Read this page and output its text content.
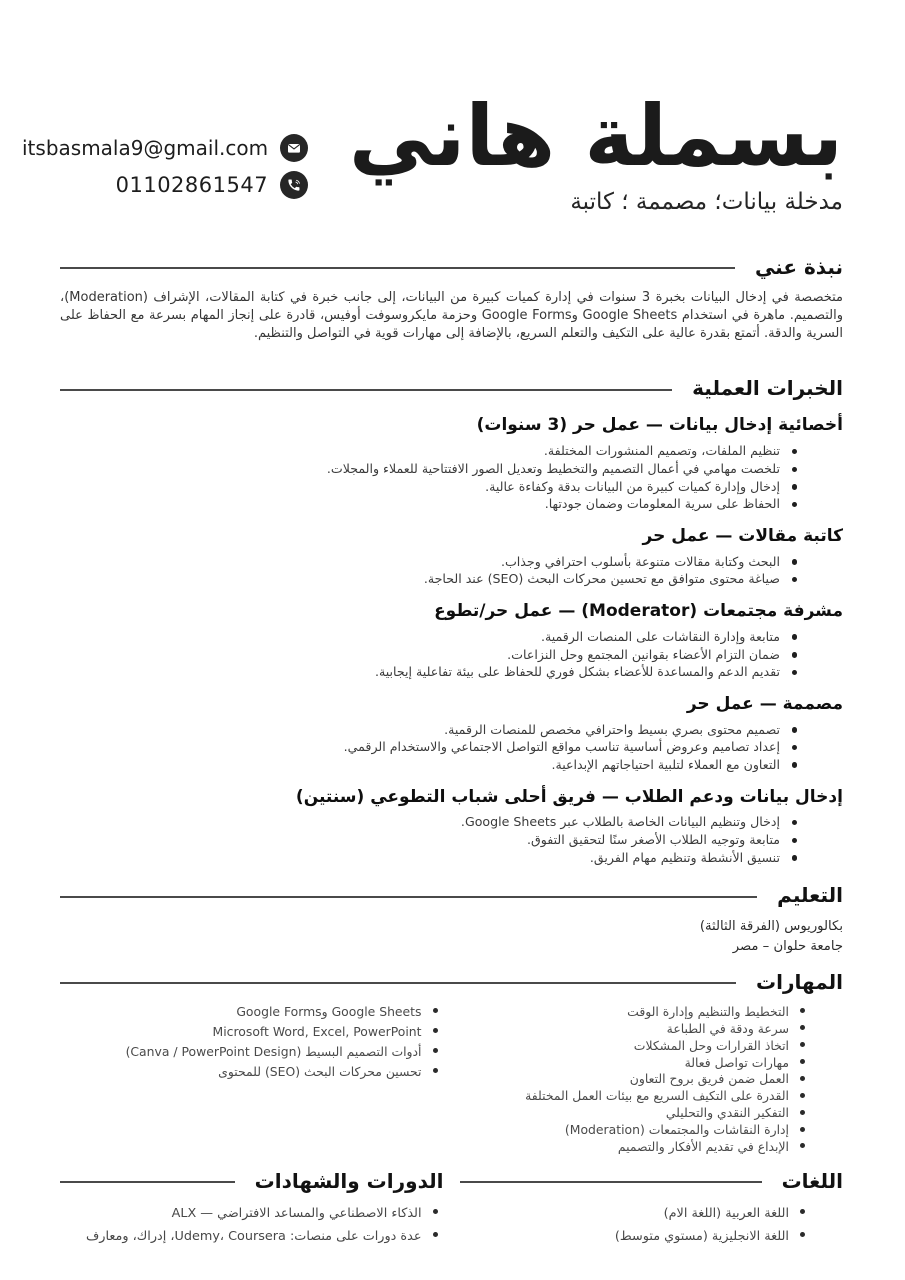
itsbasmala9@gmail.com
01102861547 بسملة هاني
مدخلة بيانات؛ مصممة ؛ كاتبة
نبذة عني

متخصصة في إدخال البيانات بخبرة 3 سنوات في إدارة كميات كبيرة من البيانات، إلى جانب خبرة في كتابة المقالات، الإشراف (Moderation)، والتصميم. ماهرة في استخدام Google Sheets وGoogle Forms وحزمة مايكروسوفت أوفيس، قادرة على إنجاز المهام بسرعة مع الحفاظ على السرية والدقة. أتمتع بقدرة عالية على التكيف والتعلم السريع، بالإضافة إلى مهارات قوية في التواصل والتنظيم.

الخبرات العملية
أخصائية إدخال بيانات — عمل حر (3 سنوات)
تنظيم الملفات، وتصميم المنشورات المختلفة.
تلخصت مهامي في أعمال التصميم والتخطيط وتعديل الصور الافتتاحية للعملاء والمجلات.
إدخال وإدارة كميات كبيرة من البيانات بدقة وكفاءة عالية.
الحفاظ على سرية المعلومات وضمان جودتها.
كاتبة مقالات — عمل حر
البحث وكتابة مقالات متنوعة بأسلوب احترافي وجذاب.
صياغة محتوى متوافق مع تحسين محركات البحث (SEO) عند الحاجة.
مشرفة مجتمعات (Moderator) — عمل حر/تطوع
متابعة وإدارة النقاشات على المنصات الرقمية.
ضمان التزام الأعضاء بقوانين المجتمع وحل النزاعات.
تقديم الدعم والمساعدة للأعضاء بشكل فوري للحفاظ على بيئة تفاعلية إيجابية.
مصممة — عمل حر
تصميم محتوى بصري بسيط واحترافي مخصص للمنصات الرقمية.
إعداد تصاميم وعروض أساسية تناسب مواقع التواصل الاجتماعي والاستخدام الرقمي.
التعاون مع العملاء لتلبية احتياجاتهم الإبداعية.
إدخال بيانات ودعم الطلاب — فريق أحلى شباب التطوعي (سنتين)
إدخال وتنظيم البيانات الخاصة بالطلاب عبر Google Sheets.
متابعة وتوجيه الطلاب الأصغر سنًا لتحقيق التفوق.
تنسيق الأنشطة وتنظيم مهام الفريق.
التعليم
بكالوريوس (الفرقة الثالثة)
جامعة حلوان – مصر
المهارات
التخطيط والتنظيم وإدارة الوقت
سرعة ودقة في الطباعة
اتخاذ القرارات وحل المشكلات
مهارات تواصل فعالة
العمل ضمن فريق بروح التعاون
القدرة على التكيف السريع مع بيئات العمل المختلفة
التفكير النقدي والتحليلي
إدارة النقاشات والمجتمعات (Moderation)
الإبداع في تقديم الأفكار والتصميم
Google Sheets وGoogle Forms
Microsoft Word, Excel, PowerPoint
أدوات التصميم البسيط (Canva / PowerPoint Design)
تحسين محركات البحث (SEO) للمحتوى
اللغات
اللغة العربية (اللغة الام)
اللغة الانجليزية (مستوي متوسط)
الدورات والشهادات
الذكاء الاصطناعي والمساعد الافتراضي — ALX
عدة دورات على منصات: Udemy، Coursera، إدراك، ومعارف
